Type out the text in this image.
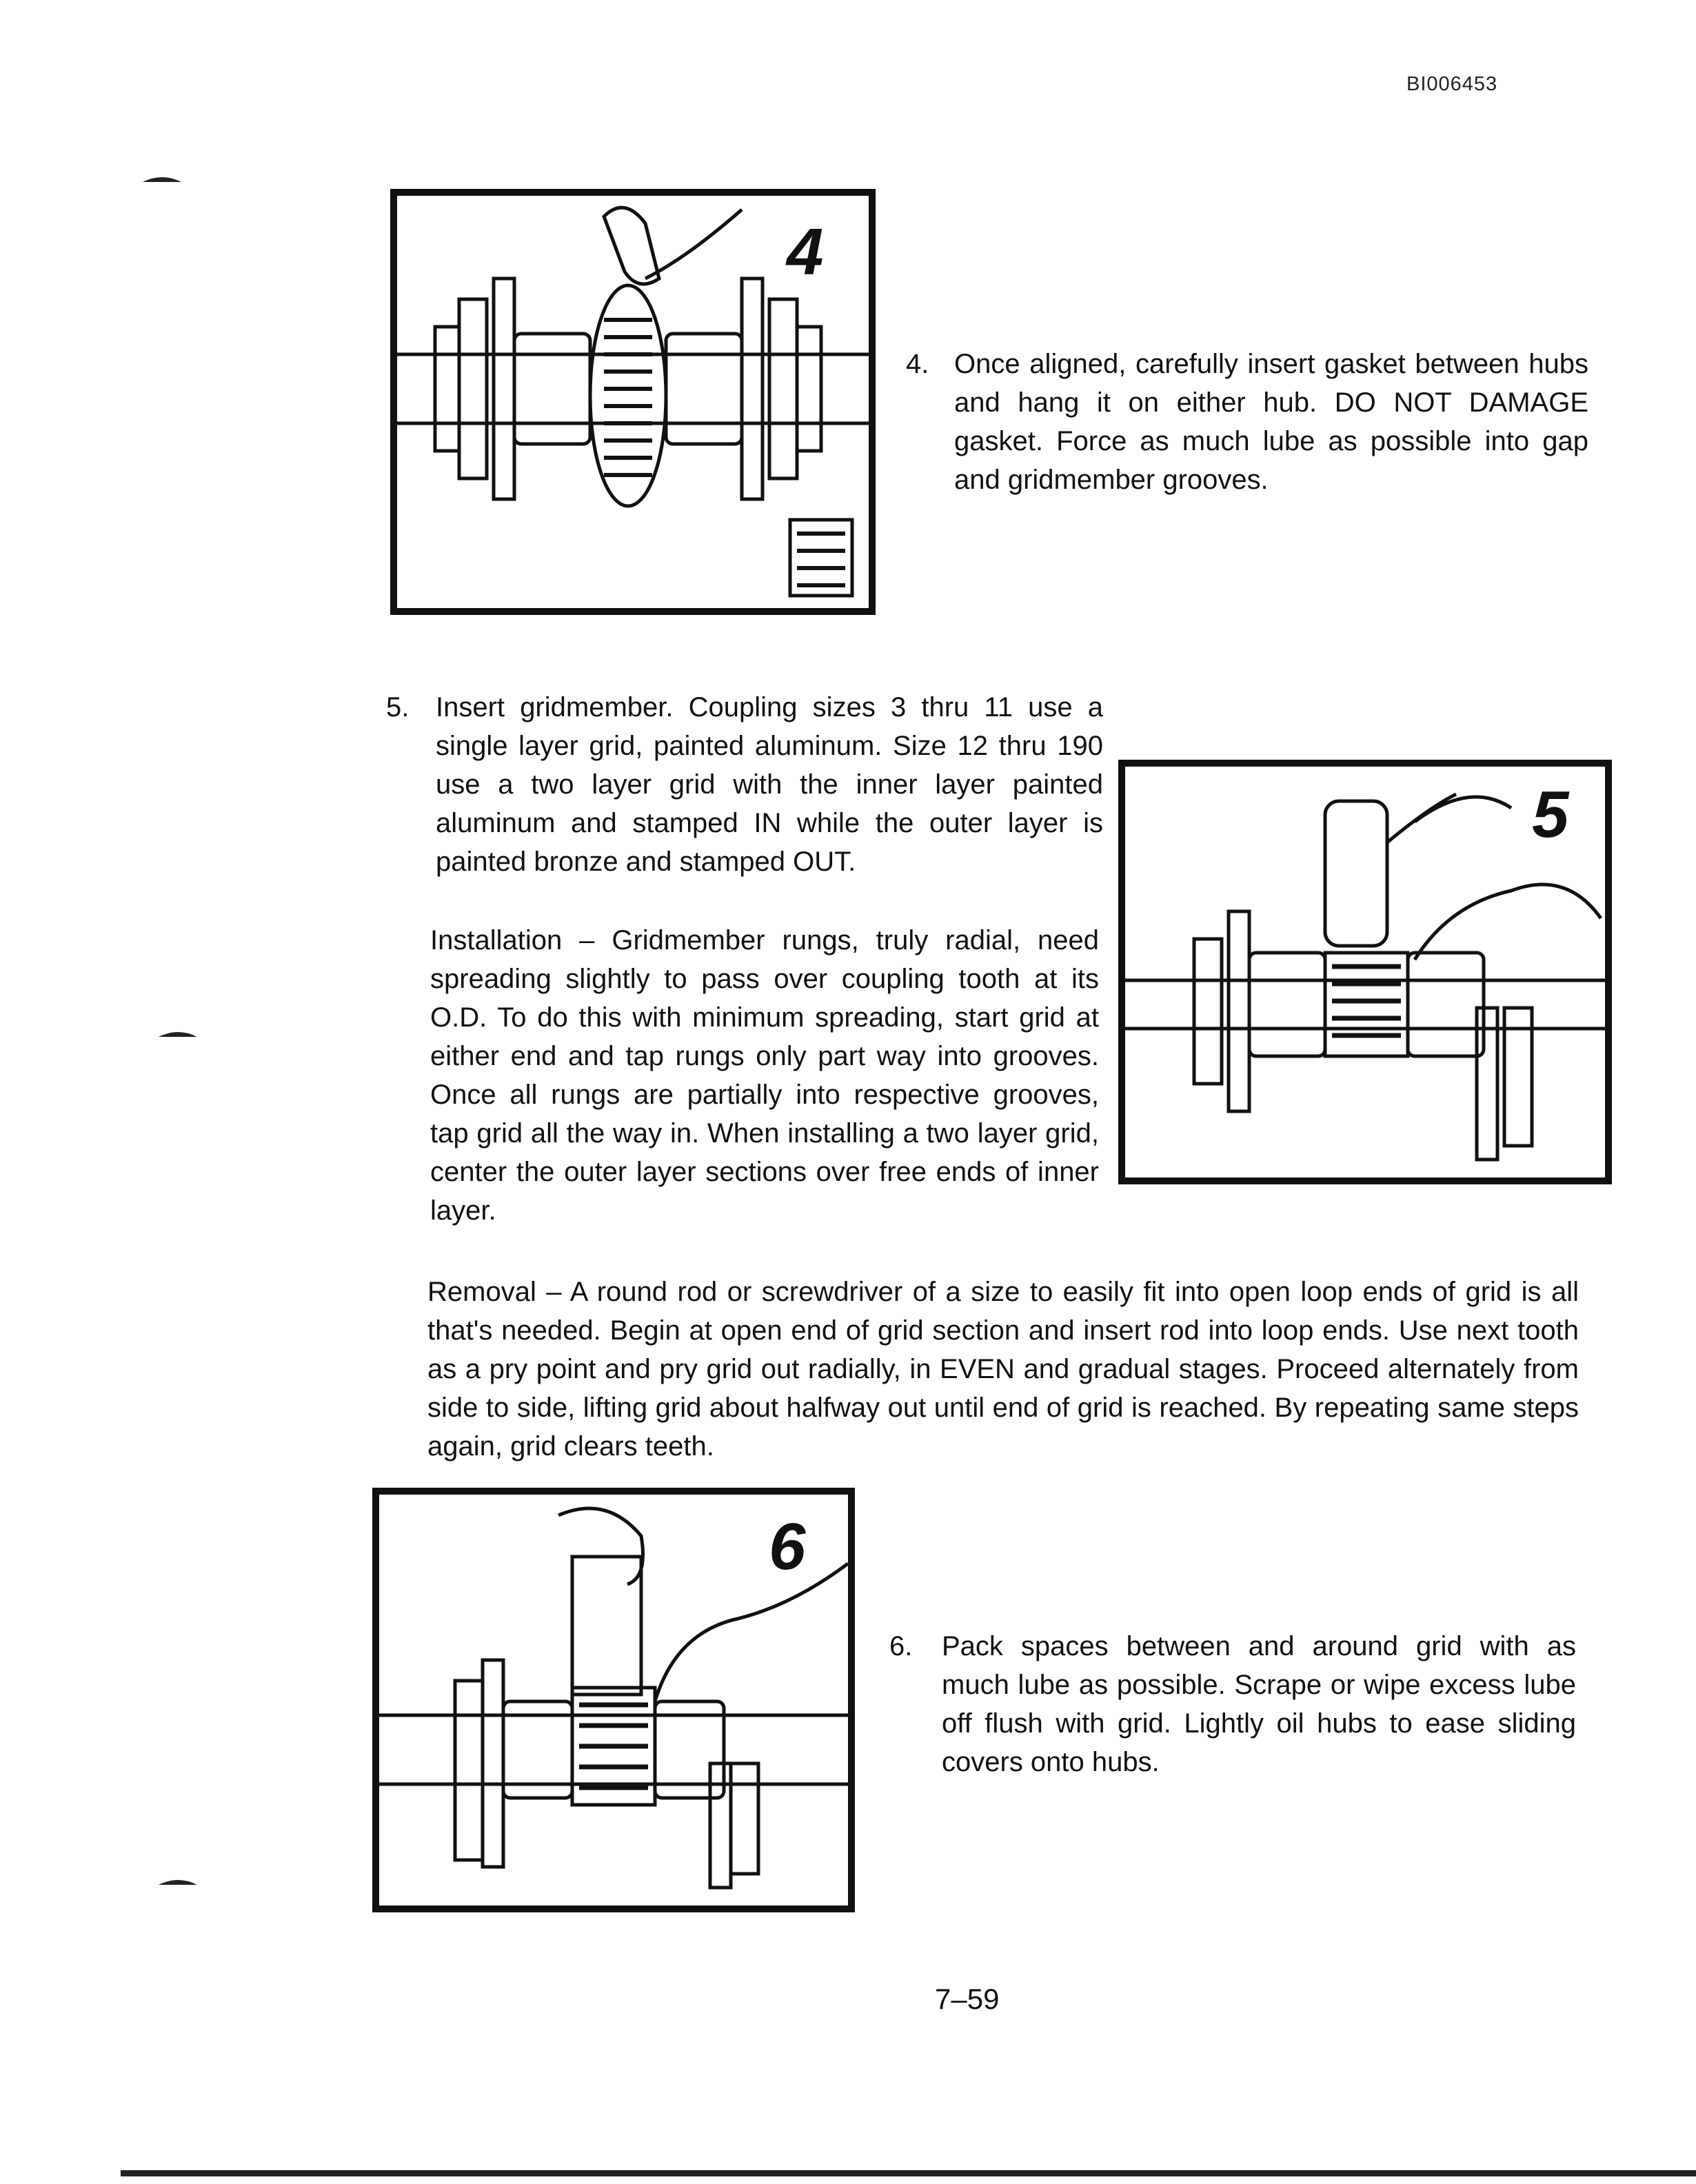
BI006453
4
4. Once aligned, carefully insert gasket between hubs and hang it on either hub. DO NOT DAMAGE gasket. Force as much lube as possible into gap and gridmember grooves.
5. Insert gridmember. Coupling sizes 3 thru 11 use a single layer grid, painted aluminum. Size 12 thru 190 use a two layer grid with the inner layer painted aluminum and stamped IN while the outer layer is painted bronze and stamped OUT.
Installation – Gridmember rungs, truly radial, need spreading slightly to pass over coupling tooth at its O.D. To do this with minimum spreading, start grid at either end and tap rungs only part way into grooves. Once all rungs are partially into respective grooves, tap grid all the way in. When installing a two layer grid, center the outer layer sections over free ends of inner layer.
5
Removal – A round rod or screwdriver of a size to easily fit into open loop ends of grid is all that's needed. Begin at open end of grid section and insert rod into loop ends. Use next tooth as a pry point and pry grid out radially, in EVEN and gradual stages. Proceed alternately from side to side, lifting grid about halfway out until end of grid is reached. By repeating same steps again, grid clears teeth.
6
6. Pack spaces between and around grid with as much lube as possible. Scrape or wipe excess lube off flush with grid. Lightly oil hubs to ease sliding covers onto hubs.
7–59
